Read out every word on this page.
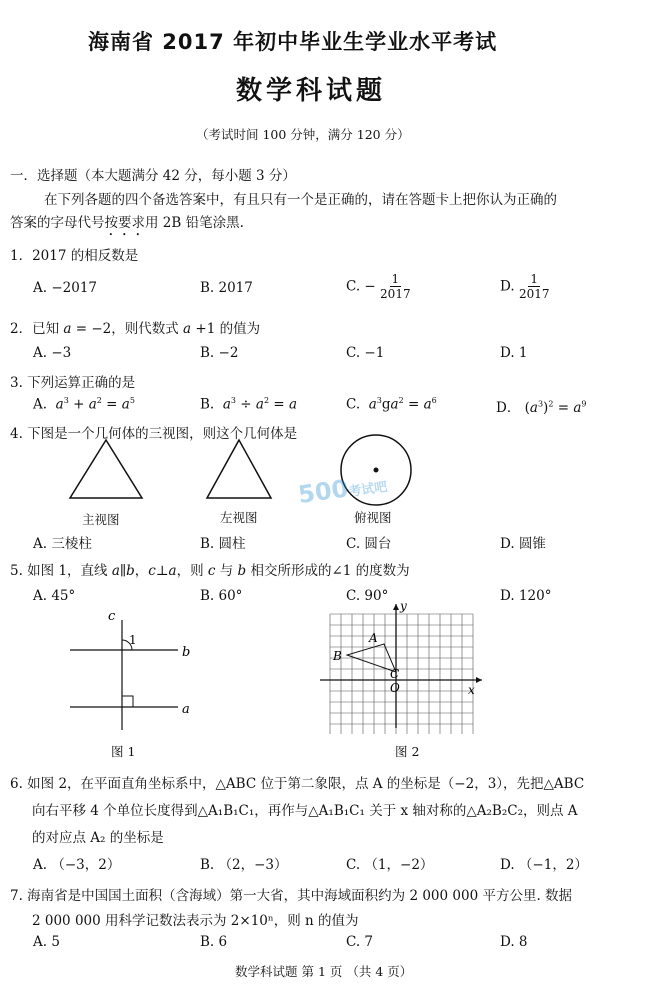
海南省 2017 年初中毕业生学业水平考试
数学科试题
（考试时间 100 分钟，满分 120 分）
一．选择题（本大题满分 42 分，每小题 3 分）
在下列各题的四个备选答案中，有且只有一个是正确的，请在答题卡上把你认为正确的
答案的字母代号按要求用 2B 铅笔涂黑.
1．2017 的相反数是
A. −2017	B. 2017	C. − $\frac{1}{2017}$	D. $\frac{1}{2017}$
2．已知 a = −2，则代数式 a +1 的值为
A. −3	B. −2	C. −1	D. 1
3. 下列运算正确的是
A. $a^3 + a^2 = a^5$	B. $a^3 \div a^2 = a$	C. $a^3ga^2 = a^6$	D． $(a^3)^2 = a^9$
4. 下图是一个几何体的三视图，则这个几何体是
主视图	左视图	俯视图
A. 三棱柱	B. 圆柱	C. 圆台	D. 圆锥
500考试吧
5. 如图 1，直线 a∥b，c⊥a，则 c 与 b 相交所形成的∠1 的度数为
A. 45°	B. 60°	C. 90°	D. 120°
c
1
b
a
图 1
y
x
O
A
B
C
图 2
6. 如图 2，在平面直角坐标系中，△ABC 位于第二象限，点 A 的坐标是（−2，3），先把△ABC
向右平移 4 个单位长度得到△A₁B₁C₁，再作与△A₁B₁C₁ 关于 x 轴对称的△A₂B₂C₂，则点 A
的对应点 A₂ 的坐标是
A. （−3，2）	B. （2，−3）	C. （1，−2）	D. （−1，2）
7. 海南省是中国国土面积（含海域）第一大省，其中海域面积约为 2 000 000 平方公里. 数据
2 000 000 用科学记数法表示为 2×10ⁿ，则 n 的值为
A. 5	B. 6	C. 7	D. 8
数学科试题 第 1 页 （共 4 页）
